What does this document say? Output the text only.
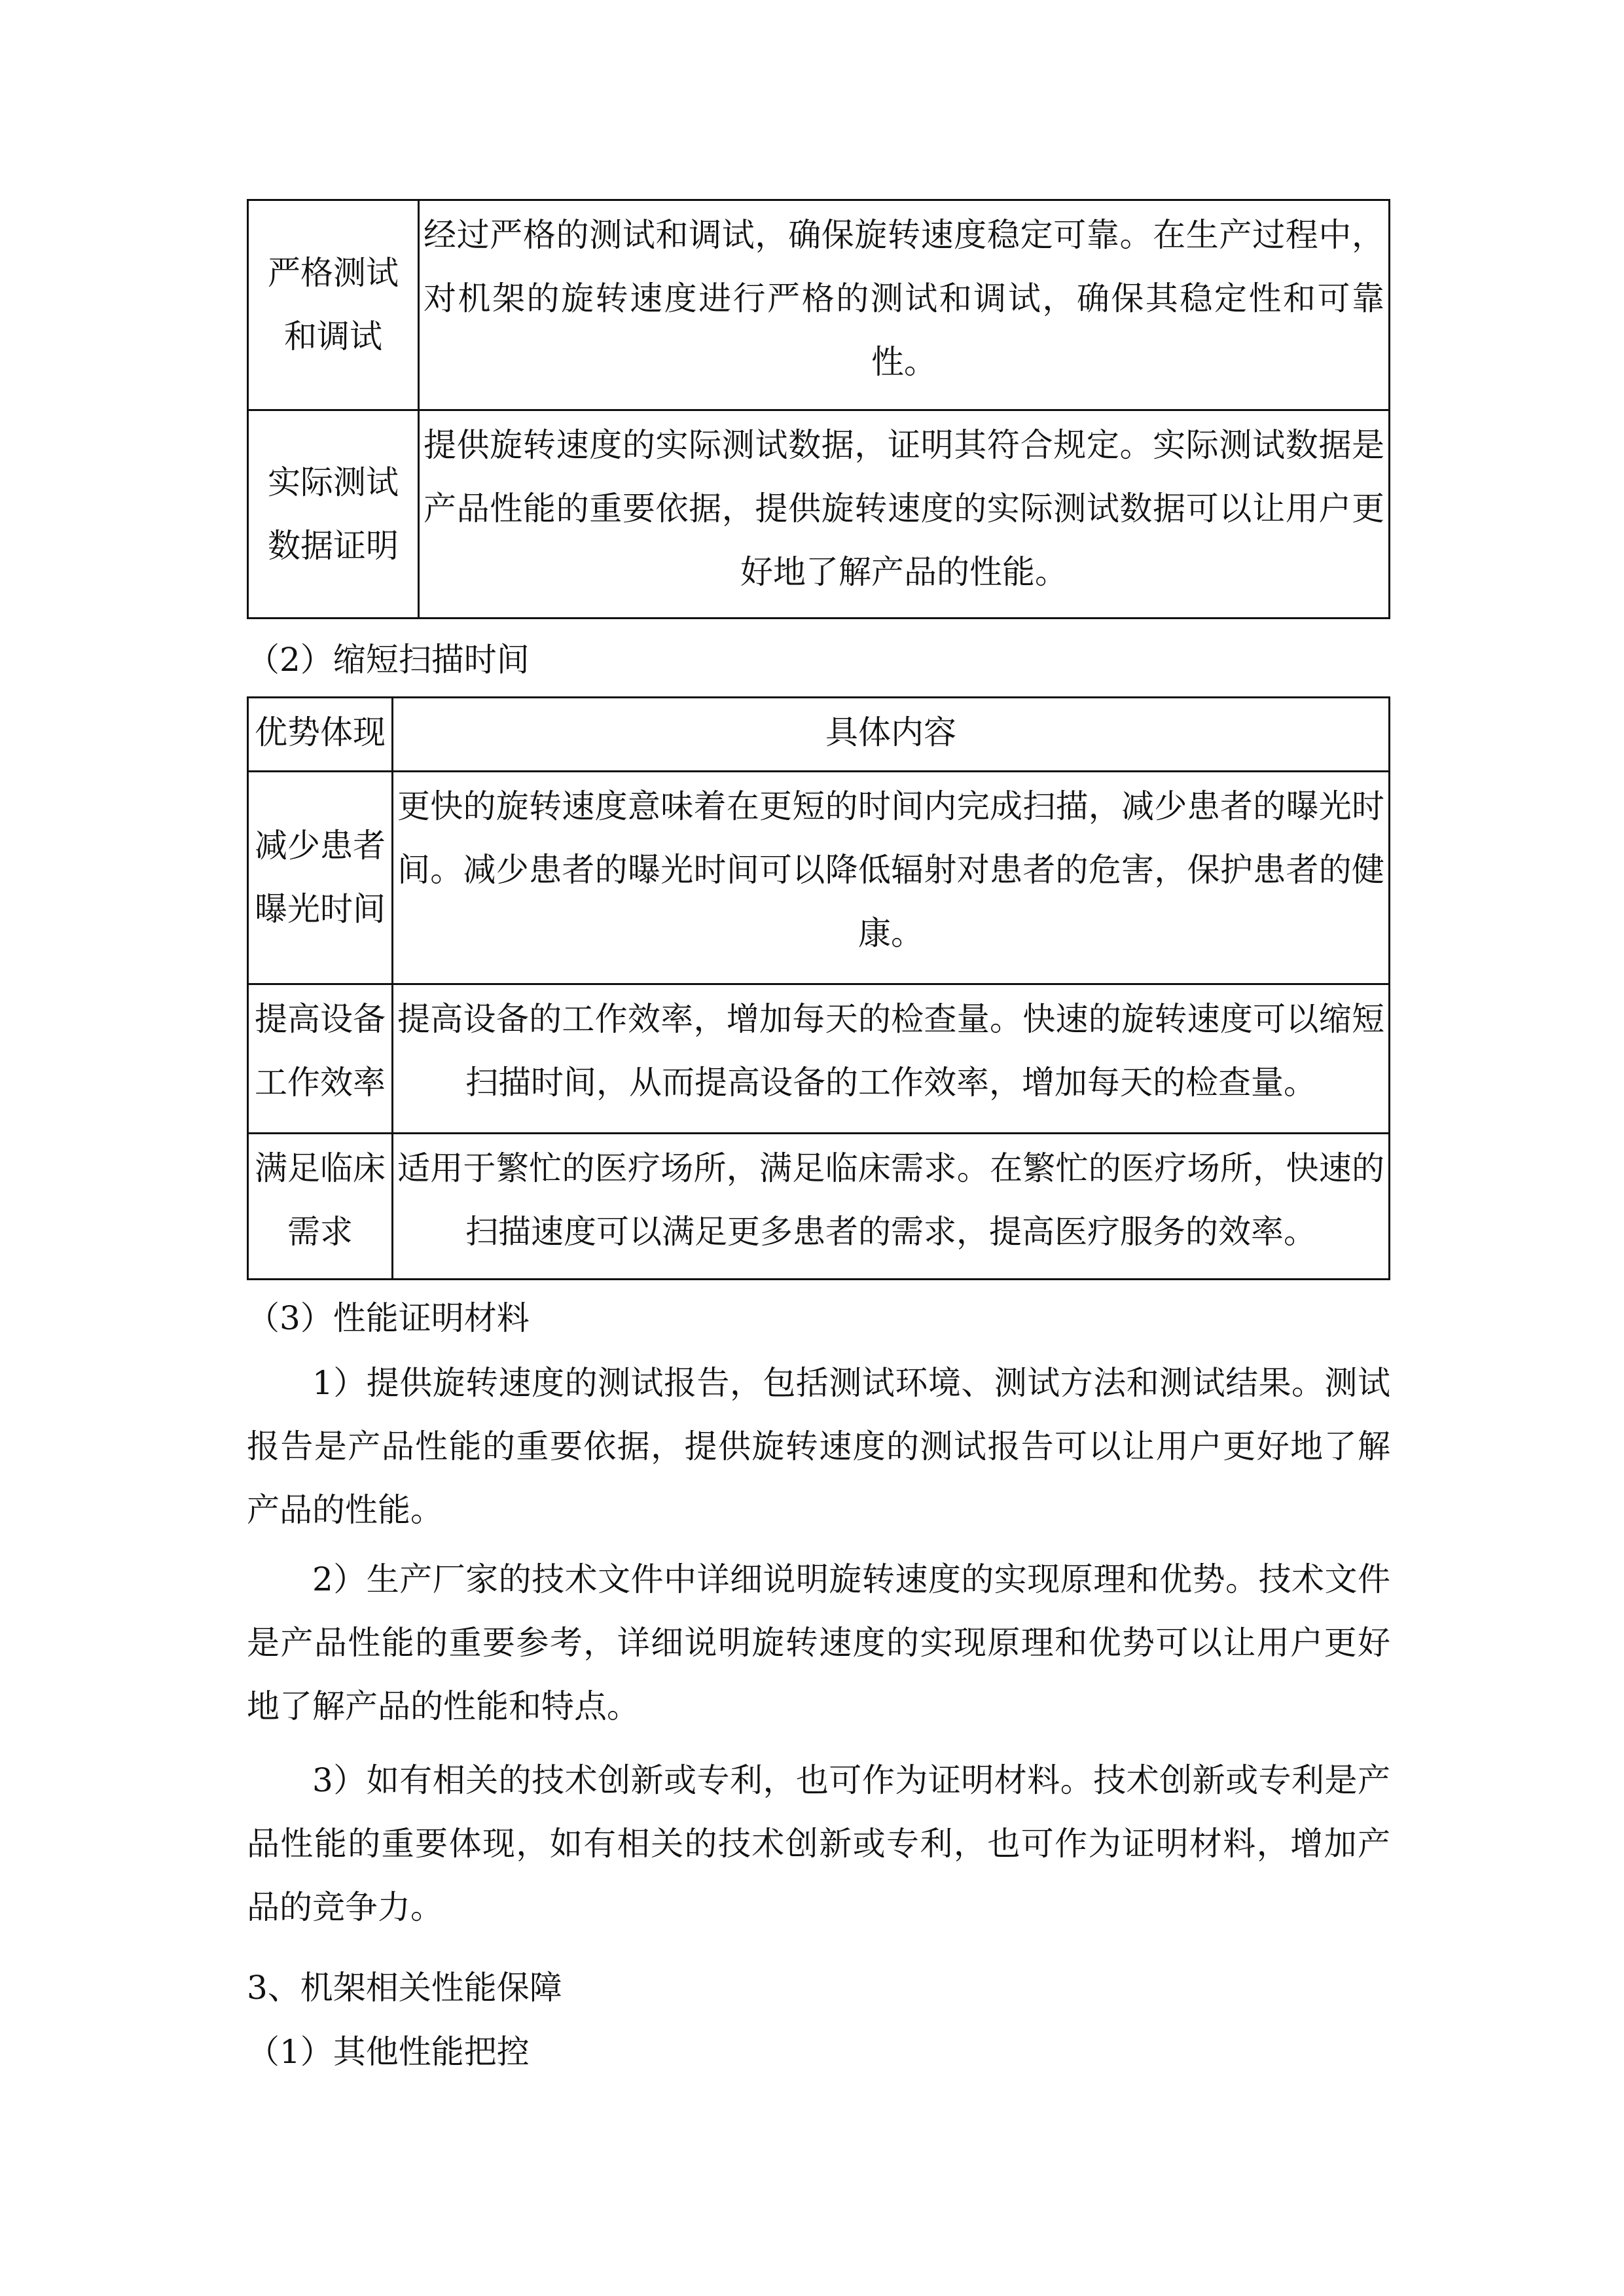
严格测试和调试	经过严格的测试和调试，确保旋转速度稳定可靠。在生产过程中，对机架的旋转速度进行严格的测试和调试，确保其稳定性和可靠性。
实际测试数据证明	提供旋转速度的实际测试数据，证明其符合规定。实际测试数据是产品性能的重要依据，提供旋转速度的实际测试数据可以让用户更好地了解产品的性能。
（2）缩短扫描时间
优势体现	具体内容
减少患者曝光时间	更快的旋转速度意味着在更短的时间内完成扫描，减少患者的曝光时间。减少患者的曝光时间可以降低辐射对患者的危害，保护患者的健康。
提高设备工作效率	提高设备的工作效率，增加每天的检查量。快速的旋转速度可以缩短扫描时间，从而提高设备的工作效率，增加每天的检查量。
满足临床需求	适用于繁忙的医疗场所，满足临床需求。在繁忙的医疗场所，快速的扫描速度可以满足更多患者的需求，提高医疗服务的效率。
（3）性能证明材料
1）提供旋转速度的测试报告，包括测试环境、测试方法和测试结果。测试报告是产品性能的重要依据，提供旋转速度的测试报告可以让用户更好地了解产品的性能。
2）生产厂家的技术文件中详细说明旋转速度的实现原理和优势。技术文件是产品性能的重要参考，详细说明旋转速度的实现原理和优势可以让用户更好地了解产品的性能和特点。
3）如有相关的技术创新或专利，也可作为证明材料。技术创新或专利是产品性能的重要体现，如有相关的技术创新或专利，也可作为证明材料，增加产品的竞争力。
3、机架相关性能保障
（1）其他性能把控
